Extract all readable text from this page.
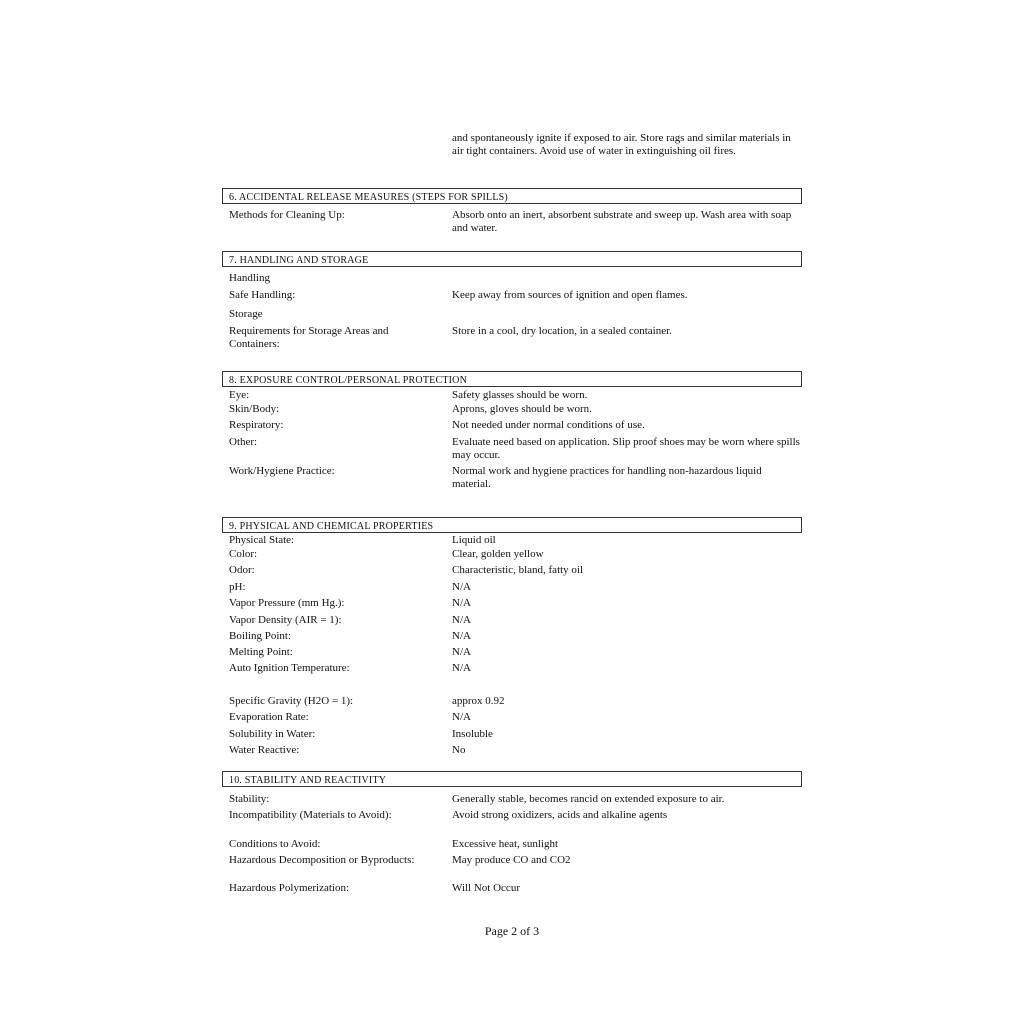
and spontaneously ignite if exposed to air. Store rags and similar materials in air tight containers. Avoid use of water in extinguishing oil fires.
6. ACCIDENTAL RELEASE MEASURES (STEPS FOR SPILLS)
Methods for Cleaning Up:	Absorb onto an inert, absorbent substrate and sweep up. Wash area with soap and water.
7. HANDLING AND STORAGE
Handling
Safe Handling:	Keep away from sources of ignition and open flames.
Storage
Requirements for Storage Areas and Containers:
Store in a cool, dry location, in a sealed container.
8. EXPOSURE CONTROL/PERSONAL PROTECTION
Eye:	Safety glasses should be worn.
Skin/Body:	Aprons, gloves should be worn.
Respiratory:	Not needed under normal conditions of use.
Other:	Evaluate need based on application. Slip proof shoes may be worn where spills may occur.
Work/Hygiene Practice:	Normal work and hygiene practices for handling non-hazardous liquid material.
9. PHYSICAL AND CHEMICAL PROPERTIES
Physical State:	Liquid oil
Color:	Clear, golden yellow
Odor:	Characteristic, bland, fatty oil
pH:	N/A
Vapor Pressure (mm Hg.):	N/A
Vapor Density (AIR = 1):	N/A
Boiling Point:	N/A
Melting Point:	N/A
Auto Ignition Temperature:	N/A
Specific Gravity (H2O = 1):	approx 0.92
Evaporation Rate:	N/A
Solubility in Water:	Insoluble
Water Reactive:	No
10. STABILITY AND REACTIVITY
Stability:	Generally stable, becomes rancid on extended exposure to air.
Incompatibility (Materials to Avoid):	Avoid strong oxidizers, acids and alkaline agents
Conditions to Avoid:	Excessive heat, sunlight
Hazardous Decomposition or Byproducts:	May produce CO and CO2
Hazardous Polymerization:	Will Not Occur
Page 2 of 3
